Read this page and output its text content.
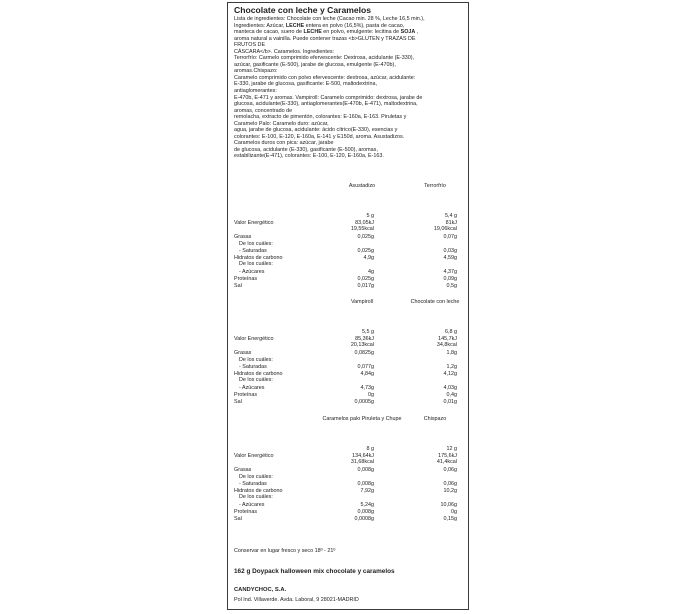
Chocolate con leche y Caramelos

Lista de ingredientes: Chocolate con leche (Cacao min. 28 %, Leche 16,5 min.),

Ingredientes: Azúcar, LECHE entera en polvo (16,5%), pasta de cacao,

manteca de cacao, suero de LECHE en polvo, emulgente: lecitina de SOJA ,

aroma natural a vainilla. Puede contener trazas <b>GLUTEN y TRAZAS DE

FRUTOS DE

CÁSCARA</b>. Caramelos. Ingredientes:

Terrorfrío: Carmelo comprimido efervescente: Dextrosa, acidulante (E-330),

azúcar, gasificante (E-500), jarabe de glucosa, emulgente (E-470b),

aromas.Chispazo:

Caramelo comprimido con polvo efervescente: dextrosa, azúcar, acidulante:

E-330, jarabe de glucosa, gasificante: E-500, maltodextrina,

antiaglomerantes:

E-470b, E-471 y aromas. Vampiroll: Caramelo comprimido: dextrosa, jarabe de

glucosa, acidulante(E-330), antiaglomerantes(E-470b, E-471), maltodextrina,

aromas, concentrado de

remolacha, extracto de pimentón, colorantes: E-160a, E-163. Piruletas y

Caramelo Palo: Caramelo duro: azúcar,

agua, jarabe de glucosa, acidulante: ácido cítrico(E-330), esencias y

colorantes: E-100, E-120, E-160a, E-141 y E150d, aroma. Asustadizos.

Caramelos duros con pica: azúcar, jarabe

de glucosa, acidulante (E-330), gasificante (E-500), aromas,

estabilizante(E-471), colorantes: E-100, E-120, E-160a, E-163.

Asustadizo	Terrorfrío
5 g	5,4 g
Valor Energético	83,05kJ	81kJ
19,55kcal	19,06kcal
Grasas	0,025g	0,07g
De los cuáles:
- Saturadas	0,025g	0,03g
Hidratos de carbono	4,9g	4,59g
De los cuáles:
- Azúcares	4g	4,37g
Proteínas	0,025g	0,09g
Sal	0,017g	0,5g
Vampiroll	Chocolate con leche
5,5 g	6,8 g
Valor Energético	85,36kJ	145,7kJ
20,13kcal	34,8kcal
Grasas	0,0825g	1,8g
De los cuáles:
- Saturadas	0,077g	1,2g
Hidratos de carbono	4,84g	4,12g
De los cuáles:
- Azúcares	4,73g	4,03g
Proteínas	0g	0,4g
Sal	0,0005g	0,01g
Caramelos palo Piruleta y Chupe	Chispazo
8 g	12 g
Valor Energético	134,64kJ	175,6kJ
31,68kcal	41,4kcal
Grasas	0,008g	0,06g
De los cuáles:
- Saturadas	0,008g	0,06g
Hidratos de carbono	7,92g	10,2g
De los cuáles:
- Azúcares	5,24g	10,06g
Proteínas	0,008g	0g
Sal	0,0008g	0,15g
Conservar en lugar fresco y seco 18º - 21º
162 g Doypack halloween mix chocolate y caramelos
CANDYCHOC, S.A.
Pol Ind. Villaverde. Avda. Laboral, 9 28021-MADRID
